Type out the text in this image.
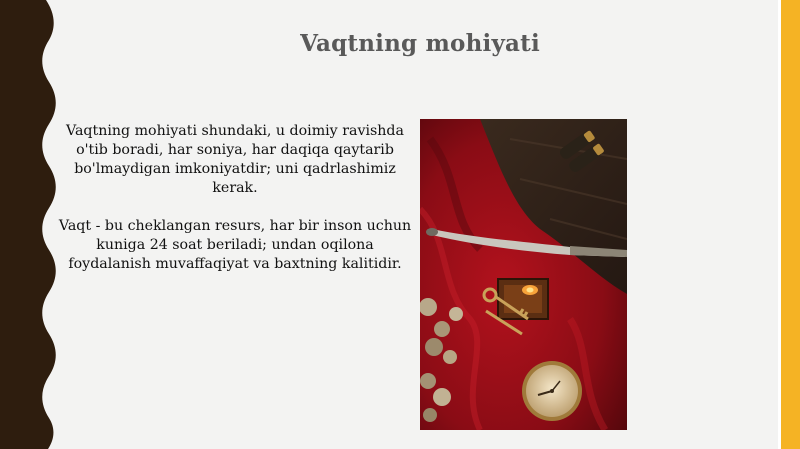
Vaqtning mohiyati

Vaqtning mohiyati shundaki, u doimiy ravishda o'tib boradi, har soniya, har daqiqa qaytarib bo'lmaydigan imkoniyatdir; uni qadrlashimiz kerak.

Vaqt - bu cheklangan resurs, har bir inson uchun kuniga 24 soat beriladi; undan oqilona foydalanish muvaffaqiyat va baxtning kalitidir.
